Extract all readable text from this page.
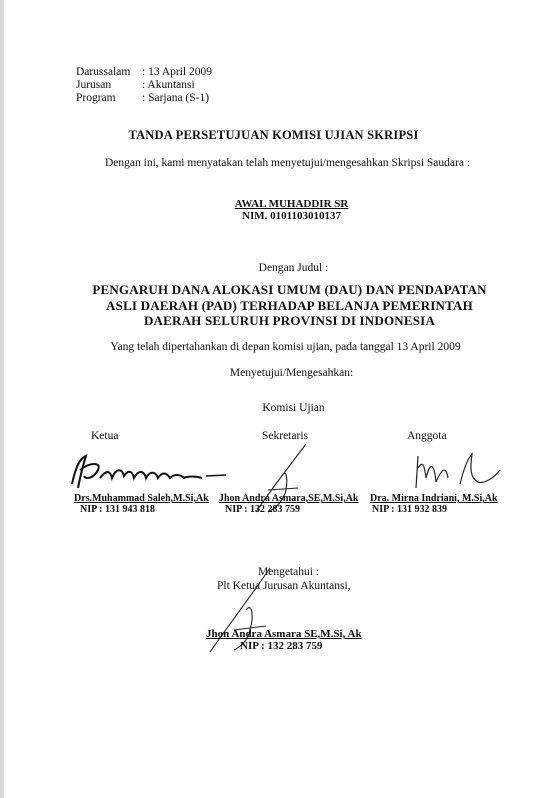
Darussalam : 13 April 2009
Jurusan	: Akuntansi
Program : Sarjana (S-1)
TANDA PERSETUJUAN KOMISI UJIAN SKRIPSI
Dengan ini, kami menyatakan telah menyetujui/mengesahkan Skripsi Saudara :
AWAL MUHADDIR SR
NIM. 0101103010137
Dengan Judul :
PENGARUH DANA ALOKASI UMUM (DAU) DAN PENDAPATAN
ASLI DAERAH (PAD) TERHADAP BELANJA PEMERINTAH
DAERAH SELURUH PROVINSI DI INDONESIA
Yang telah dipertahankan di depan komisi ujian, pada tanggal 13 April 2009
Menyetujui/Mengesahkan:
Komisi Ujian
Ketua	Sekretaris	Anggota
Drs.Muhammad Saleh,M.Si,Ak
NIP : 131 943 818
Jhon Andra Asmara,SE,M.Si,Ak
NIP : 132 283 759
Dra. Mirna Indriani, M.Si,Ak
NIP : 131 932 839
Mengetahui :
Plt Ketua Jurusan Akuntansi,
Jhon Andra Asmara SE,M.Si, Ak
NIP : 132 283 759
